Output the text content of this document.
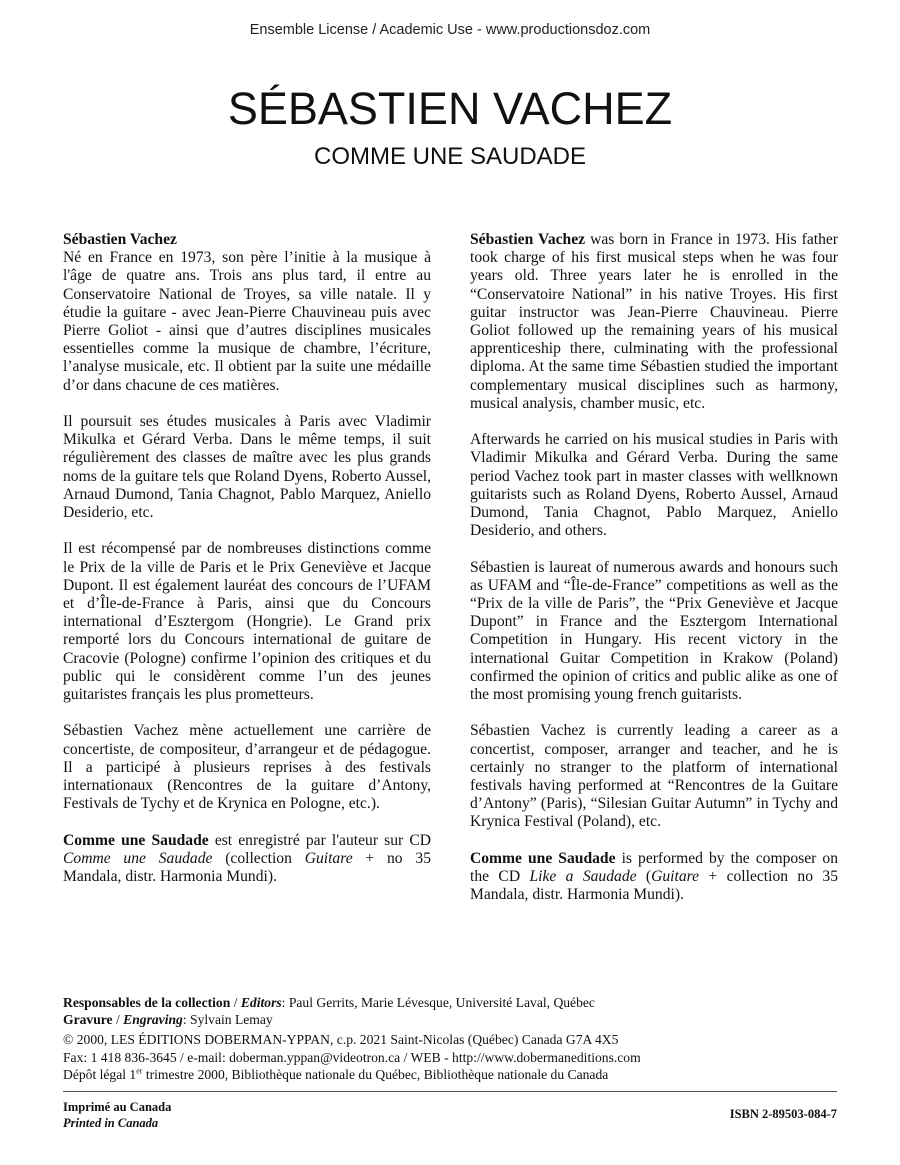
Ensemble License / Academic Use - www.productionsdoz.com
SÉBASTIEN VACHEZ
COMME UNE SAUDADE

Sébastien Vachez
Né en France en 1973, son père l’initie à la musique à l'âge de quatre ans. Trois ans plus tard, il entre au Conservatoire National de Troyes, sa ville natale. Il y étudie la guitare - avec Jean-Pierre Chauvineau puis avec Pierre Goliot - ainsi que d’autres disciplines musicales essentielles comme la musique de chambre, l’écriture, l’analyse musicale, etc. Il obtient par la suite une médaille d’or dans chacune de ces matières.

Il poursuit ses études musicales à Paris avec Vladimir Mikulka et Gérard Verba. Dans le même temps, il suit régulièrement des classes de maître avec les plus grands noms de la guitare tels que Roland Dyens, Roberto Aussel, Arnaud Dumond, Tania Chagnot, Pablo Marquez, Aniello Desiderio, etc.

Il est récompensé par de nombreuses distinctions comme le Prix de la ville de Paris et le Prix Geneviève et Jacque Dupont. Il est également lauréat des concours de l’UFAM et d’Île-de-France à Paris, ainsi que du Concours international d’Esztergom (Hongrie). Le Grand prix remporté lors du Concours international de guitare de Cracovie (Pologne) confirme l’opinion des critiques et du public qui le considèrent comme l’un des jeunes guitaristes français les plus prometteurs.

Sébastien Vachez mène actuellement une carrière de concertiste, de compositeur, d’arrangeur et de pédagogue. Il a participé à plusieurs reprises à des festivals internationaux (Rencontres de la guitare d’Antony, Festivals de Tychy et de Krynica en Pologne, etc.).

Comme une Saudade est enregistré par l'auteur sur CD Comme une Saudade (collection Guitare + no 35 Mandala, distr. Harmonia Mundi).

Sébastien Vachez was born in France in 1973. His father took charge of his first musical steps when he was four years old. Three years later he is enrolled in the “Conservatoire National” in his native Troyes. His first guitar instructor was Jean-Pierre Chauvineau. Pierre Goliot followed up the remaining years of his musical apprenticeship there, culminating with the professional diploma. At the same time Sébastien studied the important complementary musical disciplines such as harmony, musical analysis, chamber music, etc.

Afterwards he carried on his musical studies in Paris with Vladimir Mikulka and Gérard Verba. During the same period Vachez took part in master classes with wellknown guitarists such as Roland Dyens, Roberto Aussel, Arnaud Dumond, Tania Chagnot, Pablo Marquez, Aniello Desiderio, and others.

Sébastien is laureat of numerous awards and honours such as UFAM and “Île-de-France” competitions as well as the “Prix de la ville de Paris”, the “Prix Geneviève et Jacque Dupont” in France and the Esztergom International Competition in Hungary. His recent victory in the international Guitar Competition in Krakow (Poland) confirmed the opinion of critics and public alike as one of the most promising young french guitarists.

Sébastien Vachez is currently leading a career as a concertist, composer, arranger and teacher, and he is certainly no stranger to the platform of international festivals having performed at “Rencontres de la Guitare d’Antony” (Paris), “Silesian Guitar Autumn” in Tychy and Krynica Festival (Poland), etc.

Comme une Saudade is performed by the composer on the CD Like a Saudade (Guitare + collection no 35 Mandala, distr. Harmonia Mundi).

Responsables de la collection / Editors: Paul Gerrits, Marie Lévesque, Université Laval, Québec
Gravure / Engraving: Sylvain Lemay
© 2000, LES ÉDITIONS DOBERMAN-YPPAN, c.p. 2021 Saint-Nicolas (Québec) Canada G7A 4X5
Fax: 1 418 836-3645 / e-mail: doberman.yppan@videotron.ca / WEB - http://www.dobermaneditions.com
Dépôt légal 1er trimestre 2000, Bibliothèque nationale du Québec, Bibliothèque nationale du Canada
Imprimé au Canada
Printed in Canada
ISBN 2-89503-084-7
